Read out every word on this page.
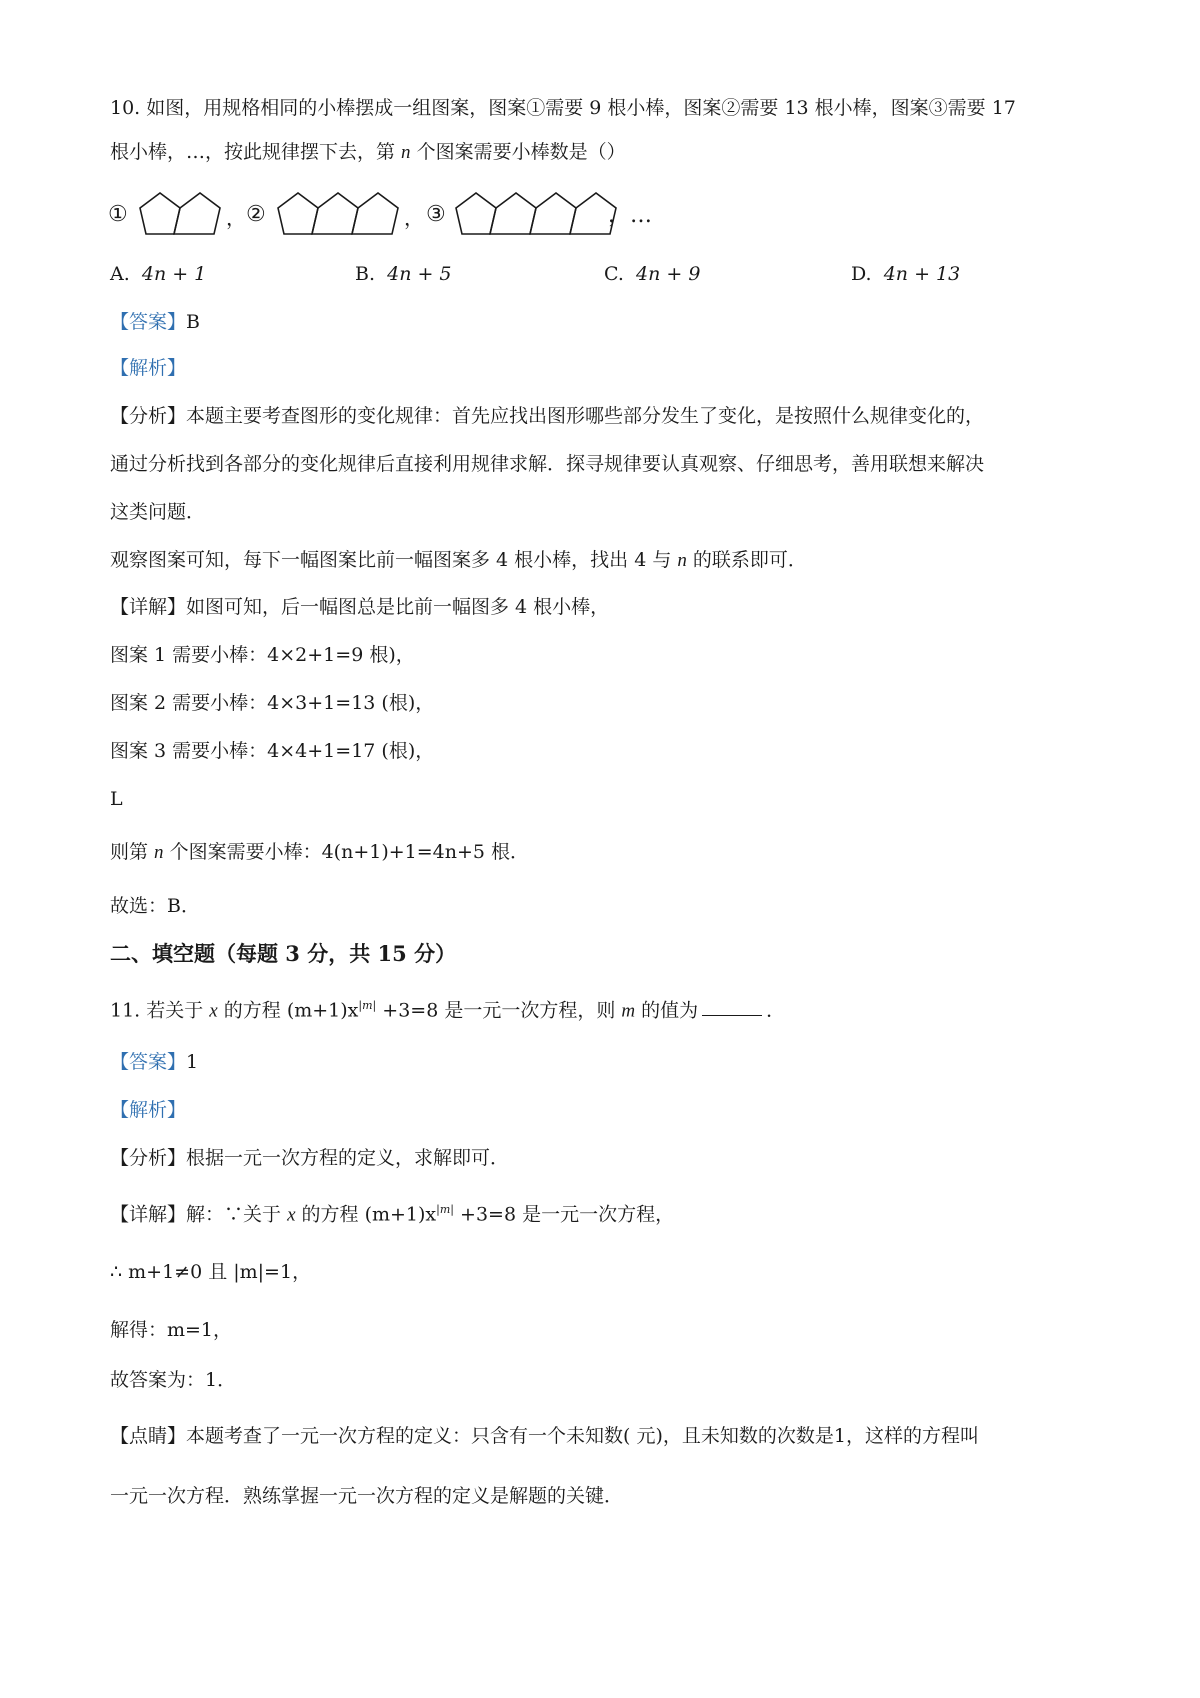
10. 如图，用规格相同的小棒摆成一组图案，图案①需要 9 根小棒，图案②需要 13 根小棒，图案③需要 17
根小棒，…，按此规律摆下去，第 n 个图案需要小棒数是（）
①	， ②	， ③	，…
A. 4n + 1	B. 4n + 5	C. 4n + 9	D. 4n + 13
【答案】B
【解析】
【分析】本题主要考查图形的变化规律：首先应找出图形哪些部分发生了变化，是按照什么规律变化的，
通过分析找到各部分的变化规律后直接利用规律求解．探寻规律要认真观察、仔细思考，善用联想来解决
这类问题．
观察图案可知，每下一幅图案比前一幅图案多 4 根小棒，找出 4 与 n 的联系即可．
【详解】如图可知，后一幅图总是比前一幅图多 4 根小棒，
图案 1 需要小棒：4×2+1=9 根)，
图案 2 需要小棒：4×3+1=13 (根)，
图案 3 需要小棒：4×4+1=17 (根)，
L
则第 n 个图案需要小棒：4(n+1)+1=4n+5 根．
故选：B．
二、填空题（每题 3 分，共 15 分）
11. 若关于 x 的方程 $(m+1)x^{|m|} +3=8$ 是一元一次方程，则 m 的值为	．
【答案】1
【解析】
【分析】根据一元一次方程的定义，求解即可．
【详解】解：∵关于 x 的方程 $(m+1)x^{|m|} +3=8$ 是一元一次方程，
∴ m+1≠0 且 |m|=1，
解得：m=1，
故答案为：1．
【点睛】本题考查了一元一次方程的定义：只含有一个未知数( 元)，且未知数的次数是1，这样的方程叫
一元一次方程．熟练掌握一元一次方程的定义是解题的关键．
